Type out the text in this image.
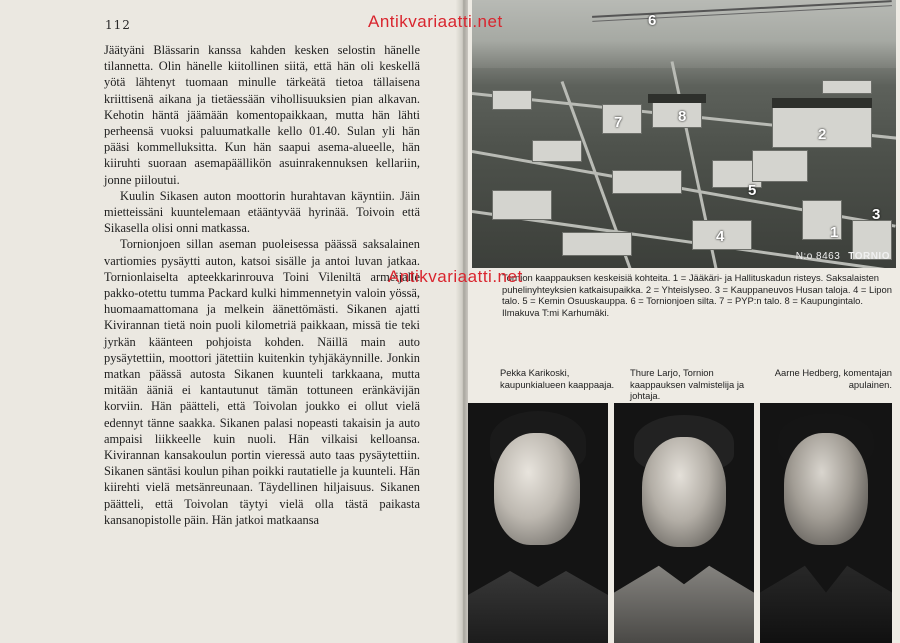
112

Jäätyäni Blässarin kanssa kahden kesken selostin hänelle tilannetta. Olin hänelle kiitollinen siitä, että hän oli keskellä yötä lähtenyt tuomaan minulle tärkeätä tietoa tällaisena kriittisenä aikana ja tietäessään vihollisuuksien pian alkavan. Kehotin häntä jäämään komentopaikkaan, mutta hän lähti perheensä vuoksi paluumatkalle kello 01.40. Sulan yli hän pääsi kommelluksitta. Kun hän saapui asema-alueelle, hän kiiruhti suoraan asemapäällikön asuinrakennuksen kellariin, jonne piiloutui.

Kuulin Sikasen auton moottorin hurahtavan käyntiin. Jäin mietteissäni kuuntelemaan etääntyvää hyrinää. Toivoin että Sikasella olisi onni matkassa.

Tornionjoen sillan aseman puoleisessa päässä saksalainen vartiomies pysäytti auton, katsoi sisälle ja antoi luvan jatkaa. Tornionlaiselta apteekkarinrouva Toini Vileniltä armeijalle pakko-otettu tumma Packard kulki himmennetyin valoin yössä, huomaamattomana ja melkein äänettömästi. Sikanen ajatti Kivirannan tietä noin puoli kilometriä paikkaan, missä tie teki jyrkän käänteen pohjoista kohden. Näillä main auto pysäytettiin, moottori jätettiin kuitenkin tyhjäkäynnille. Jonkin matkan päässä autosta Sikanen kuunteli tarkkaana, mutta mitään ääniä ei kantautunut tämän tottuneen eränkävijän korviin. Hän päätteli, että Toivolan joukko ei ollut vielä edennyt tänne saakka. Sikanen palasi nopeasti takaisin ja auto ampaisi liikkeelle kuin nuoli. Hän vilkaisi kelloansa. Kivirannan kansakoulun portin vieressä auto taas pysäytettiin. Sikanen säntäsi koulun pihan poikki rautatielle ja kuunteli. Hän kiirehti vielä metsänreunaan. Täydellinen hiljaisuus. Sikanen päätteli, että Toivolan täytyi vielä olla tästä paikasta kansanopistolle päin. Hän jatkoi matkaansa

1
2
3
4
5
6
7	8
N:o 8463 TORNIO
Tornion kaappauksen keskeisiä kohteita. 1 = Jääkäri- ja Hallituskadun risteys. Saksalaisten puhelinyhteyksien katkaisupaikka. 2 = Yhteislyseo. 3 = Kauppaneuvos Husan taloja. 4 = Lipon talo. 5 = Kemin Osuuskauppa. 6 = Tornionjoen silta. 7 = PYP:n talo. 8 = Kaupungintalo. Ilmakuva T:mi Karhumäki.
Pekka Karikoski, kaupunkialueen kaappaaja.
Thure Larjo, Tornion kaappauksen valmistelija ja johtaja.
Aarne Hedberg, komentajan apulainen.
Antikvariaatti.net
Antikvariaatti.net
